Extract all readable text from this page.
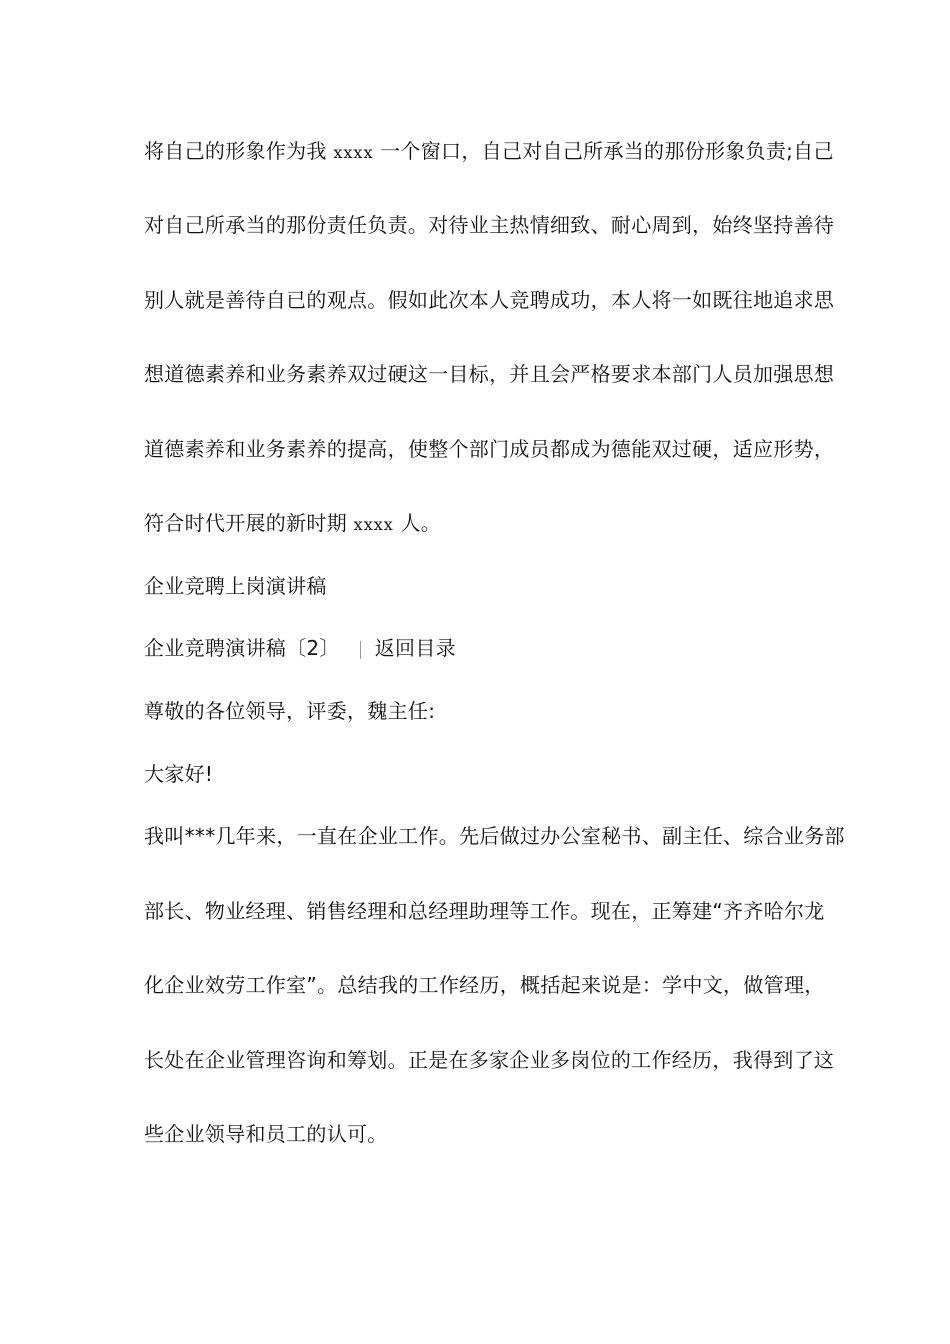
将自己的形象作为我 xxxx 一个窗口，自己对自己所承当的那份形象负责;自己
对自己所承当的那份责任负责。对待业主热情细致、耐心周到，始终坚持善待
别人就是善待自已的观点。假如此次本人竞聘成功，本人将一如既往地追求思
想道德素养和业务素养双过硬这一目标，并且会严格要求本部门人员加强思想
道德素养和业务素养的提高，使整个部门成员都成为德能双过硬，适应形势，
符合时代开展的新时期 xxxx 人。
企业竞聘上岗演讲稿
企业竞聘演讲稿〔2〕 返回目录
尊敬的各位领导，评委，魏主任:
大家好!
我叫***几年来，一直在企业工作。先后做过办公室秘书、副主任、综合业务部
部长、物业经理、销售经理和总经理助理等工作。现在，正筹建“齐齐哈尔龙
化企业效劳工作室”。总结我的工作经历，概括起来说是：学中文，做管理，
长处在企业管理咨询和筹划。正是在多家企业多岗位的工作经历，我得到了这
些企业领导和员工的认可。
